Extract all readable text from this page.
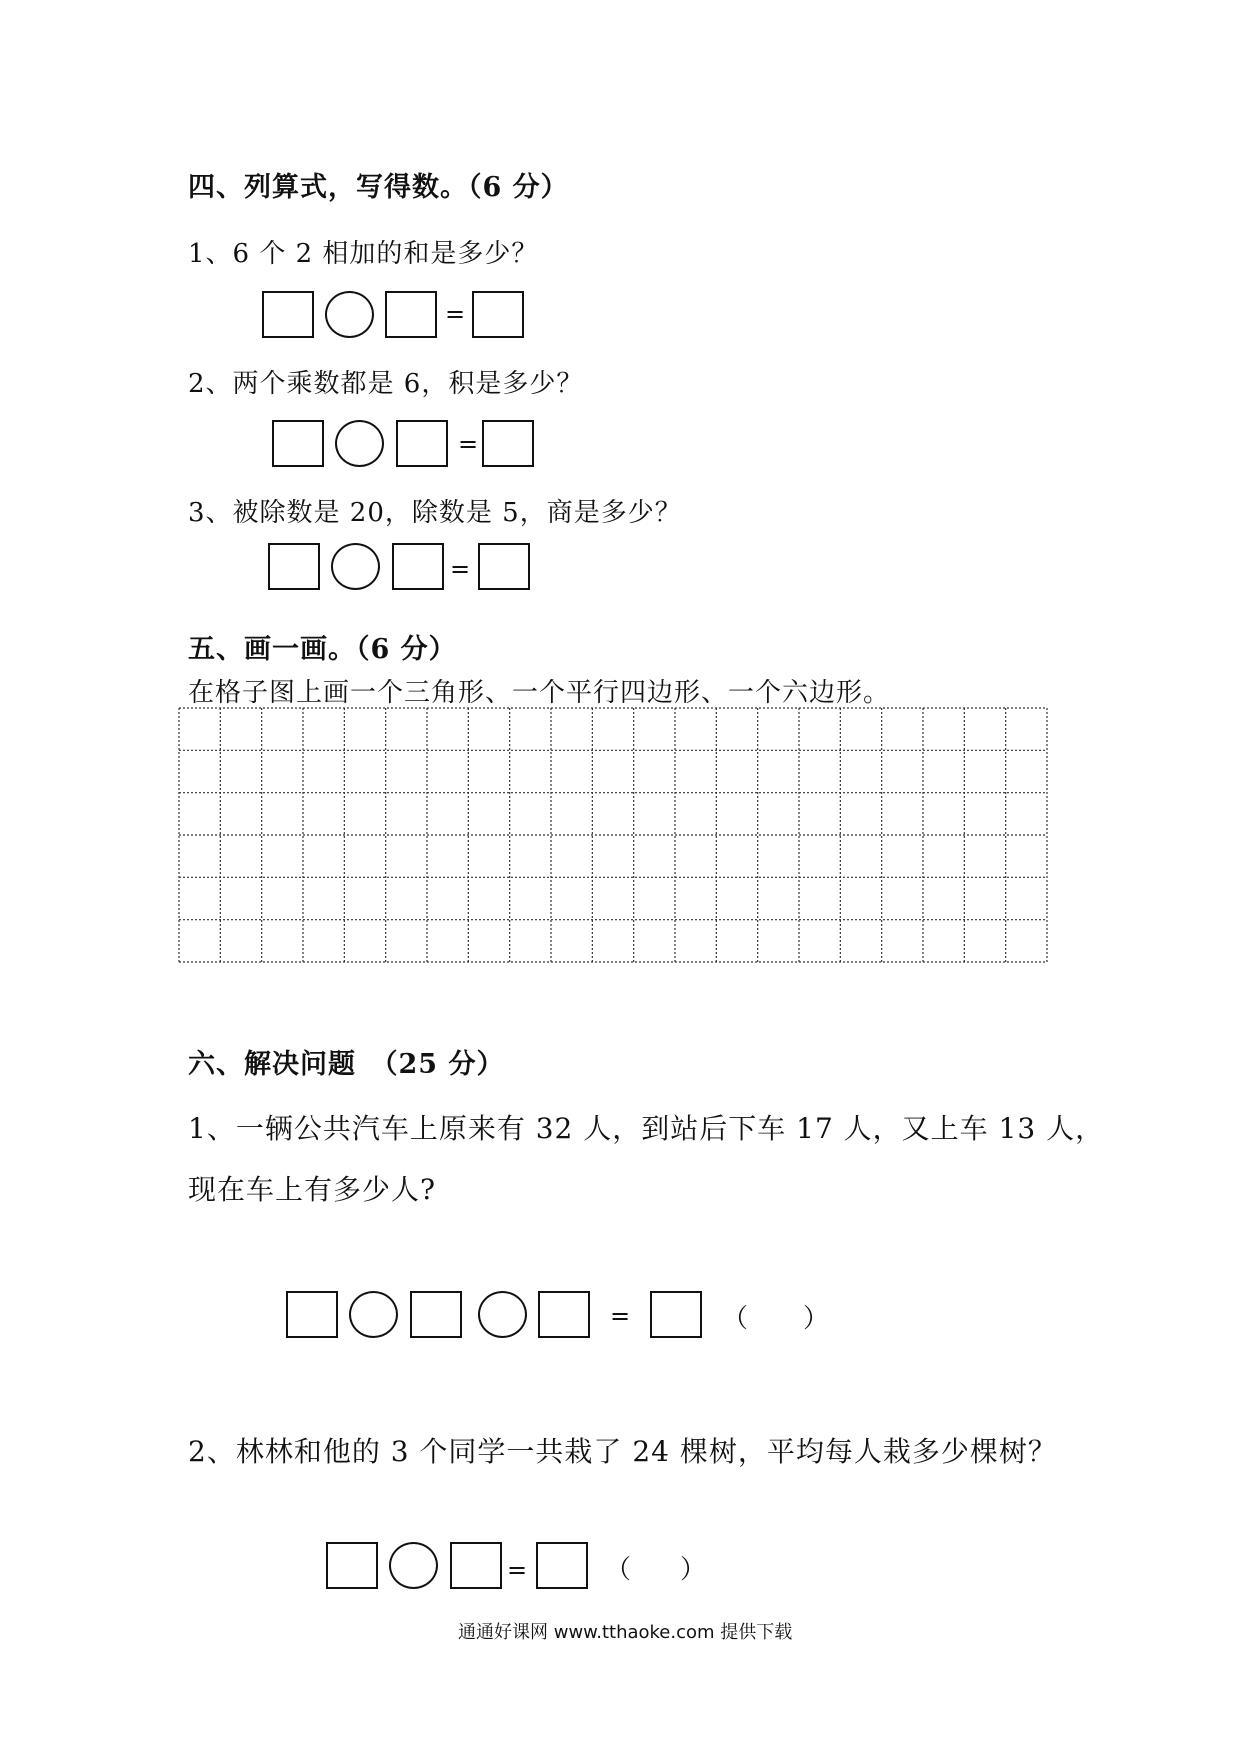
四、列算式，写得数。（6 分）
1、6 个 2 相加的和是多少？
=
2、两个乘数都是 6，积是多少？
=
3、被除数是 20，除数是 5，商是多少？
=
五、画一画。（6 分）
在格子图上画一个三角形、一个平行四边形、一个六边形。
六、解决问题　（25 分）
1、一辆公共汽车上原来有 32 人，到站后下车 17 人，又上车 13 人，
现在车上有多少人?
=	（ ）
2、林林和他的 3 个同学一共栽了 24 棵树，平均每人栽多少棵树？
=	（ ）
通通好课网 www.tthaoke.com 提供下载
